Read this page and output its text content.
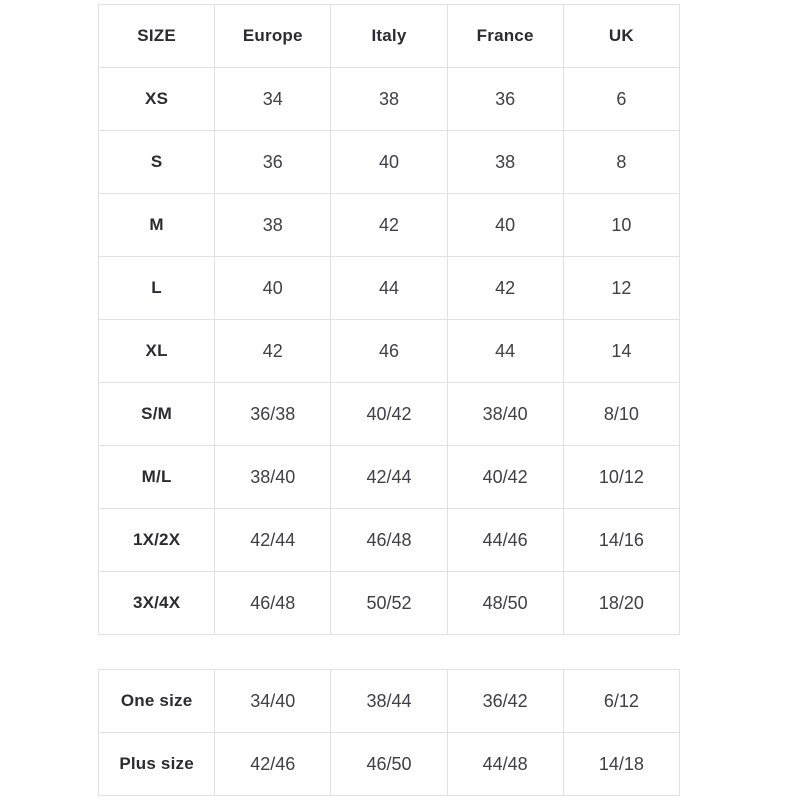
SIZE	Europe	Italy	France	UK
XS	34	38	36	6
S	36	40	38	8
M	38	42	40	10
L	40	44	42	12
XL	42	46	44	14
S/M	36/38	40/42	38/40	8/10
M/L	38/40	42/44	40/42	10/12
1X/2X	42/44	46/48	44/46	14/16
3X/4X	46/48	50/52	48/50	18/20
One size	34/40	38/44	36/42	6/12
Plus size	42/46	46/50	44/48	14/18
